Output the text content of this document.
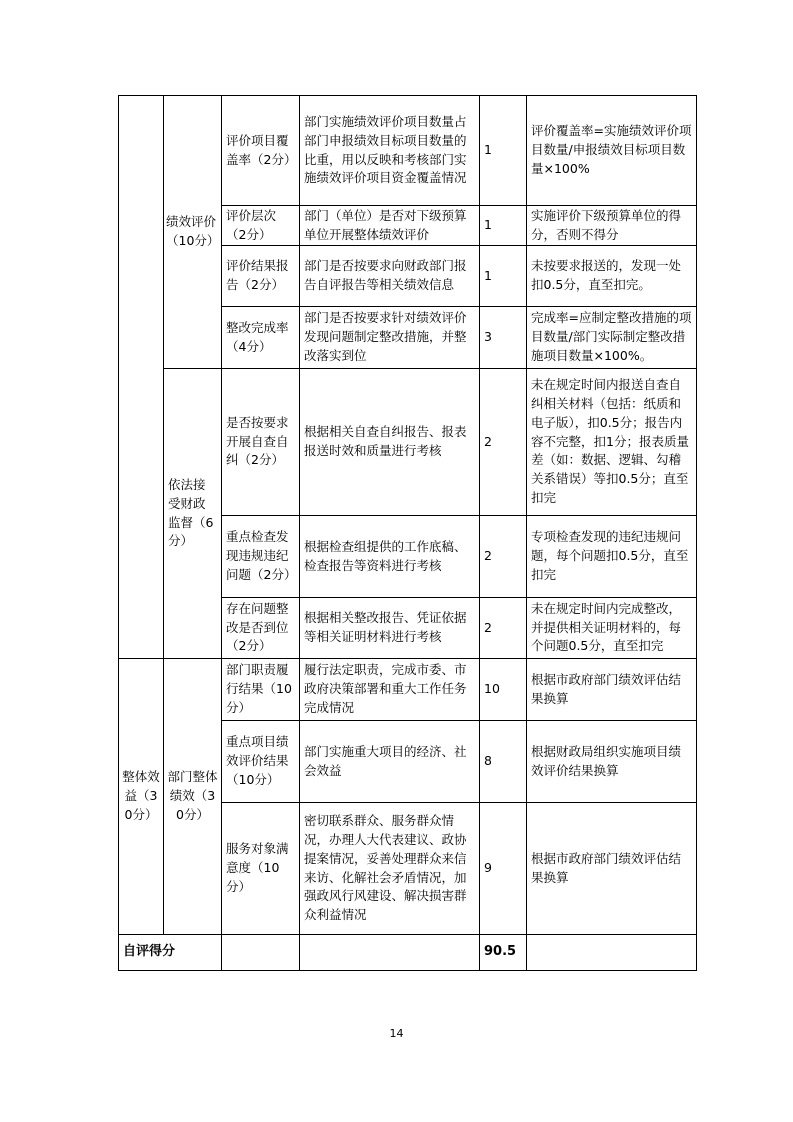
	绩效评价（10分）	评价项目覆盖率（2分）	部门实施绩效评价项目数量占部门申报绩效目标项目数量的比重，用以反映和考核部门实施绩效评价项目资金覆盖情况	1	评价覆盖率=实施绩效评价项目数量/申报绩效目标项目数量×100%
		评价层次（2分）	部门（单位）是否对下级预算单位开展整体绩效评价	1	实施评价下级预算单位的得分，否则不得分
		评价结果报告（2分）	部门是否按要求向财政部门报告自评报告等相关绩效信息	1	未按要求报送的，发现一处扣0.5分，直至扣完。
		整改完成率（4分）	部门是否按要求针对绩效评价发现问题制定整改措施，并整改落实到位	3	完成率=应制定整改措施的项目数量/部门实际制定整改措施项目数量×100%。
	依法接受财政监督（6分）	是否按要求开展自查自纠（2分）	根据相关自查自纠报告、报表报送时效和质量进行考核	2	未在规定时间内报送自查自纠相关材料（包括：纸质和电子版），扣0.5分；报告内容不完整，扣1分；报表质量差（如：数据、逻辑、勾稽关系错误）等扣0.5分；直至扣完
		重点检查发现违规违纪问题（2分）	根据检查组提供的工作底稿、检查报告等资料进行考核	2	专项检查发现的违纪违规问题，每个问题扣0.5分，直至扣完
		存在问题整改是否到位（2分）	根据相关整改报告、凭证依据等相关证明材料进行考核	2	未在规定时间内完成整改，并提供相关证明材料的，每个问题0.5分，直至扣完
整体效益（30分）	部门整体绩效（30分）	部门职责履行结果（10分）	履行法定职责，完成市委、市政府决策部署和重大工作任务完成情况	10	根据市政府部门绩效评估结果换算
		重点项目绩效评价结果（10分）	部门实施重大项目的经济、社会效益	8	根据财政局组织实施项目绩效评价结果换算
		服务对象满意度（10分）	密切联系群众、服务群众情况，办理人大代表建议、政协提案情况，妥善处理群众来信来访、化解社会矛盾情况，加强政风行风建设、解决损害群众利益情况	9	根据市政府部门绩效评估结果换算
自评得分				90.5	
14
